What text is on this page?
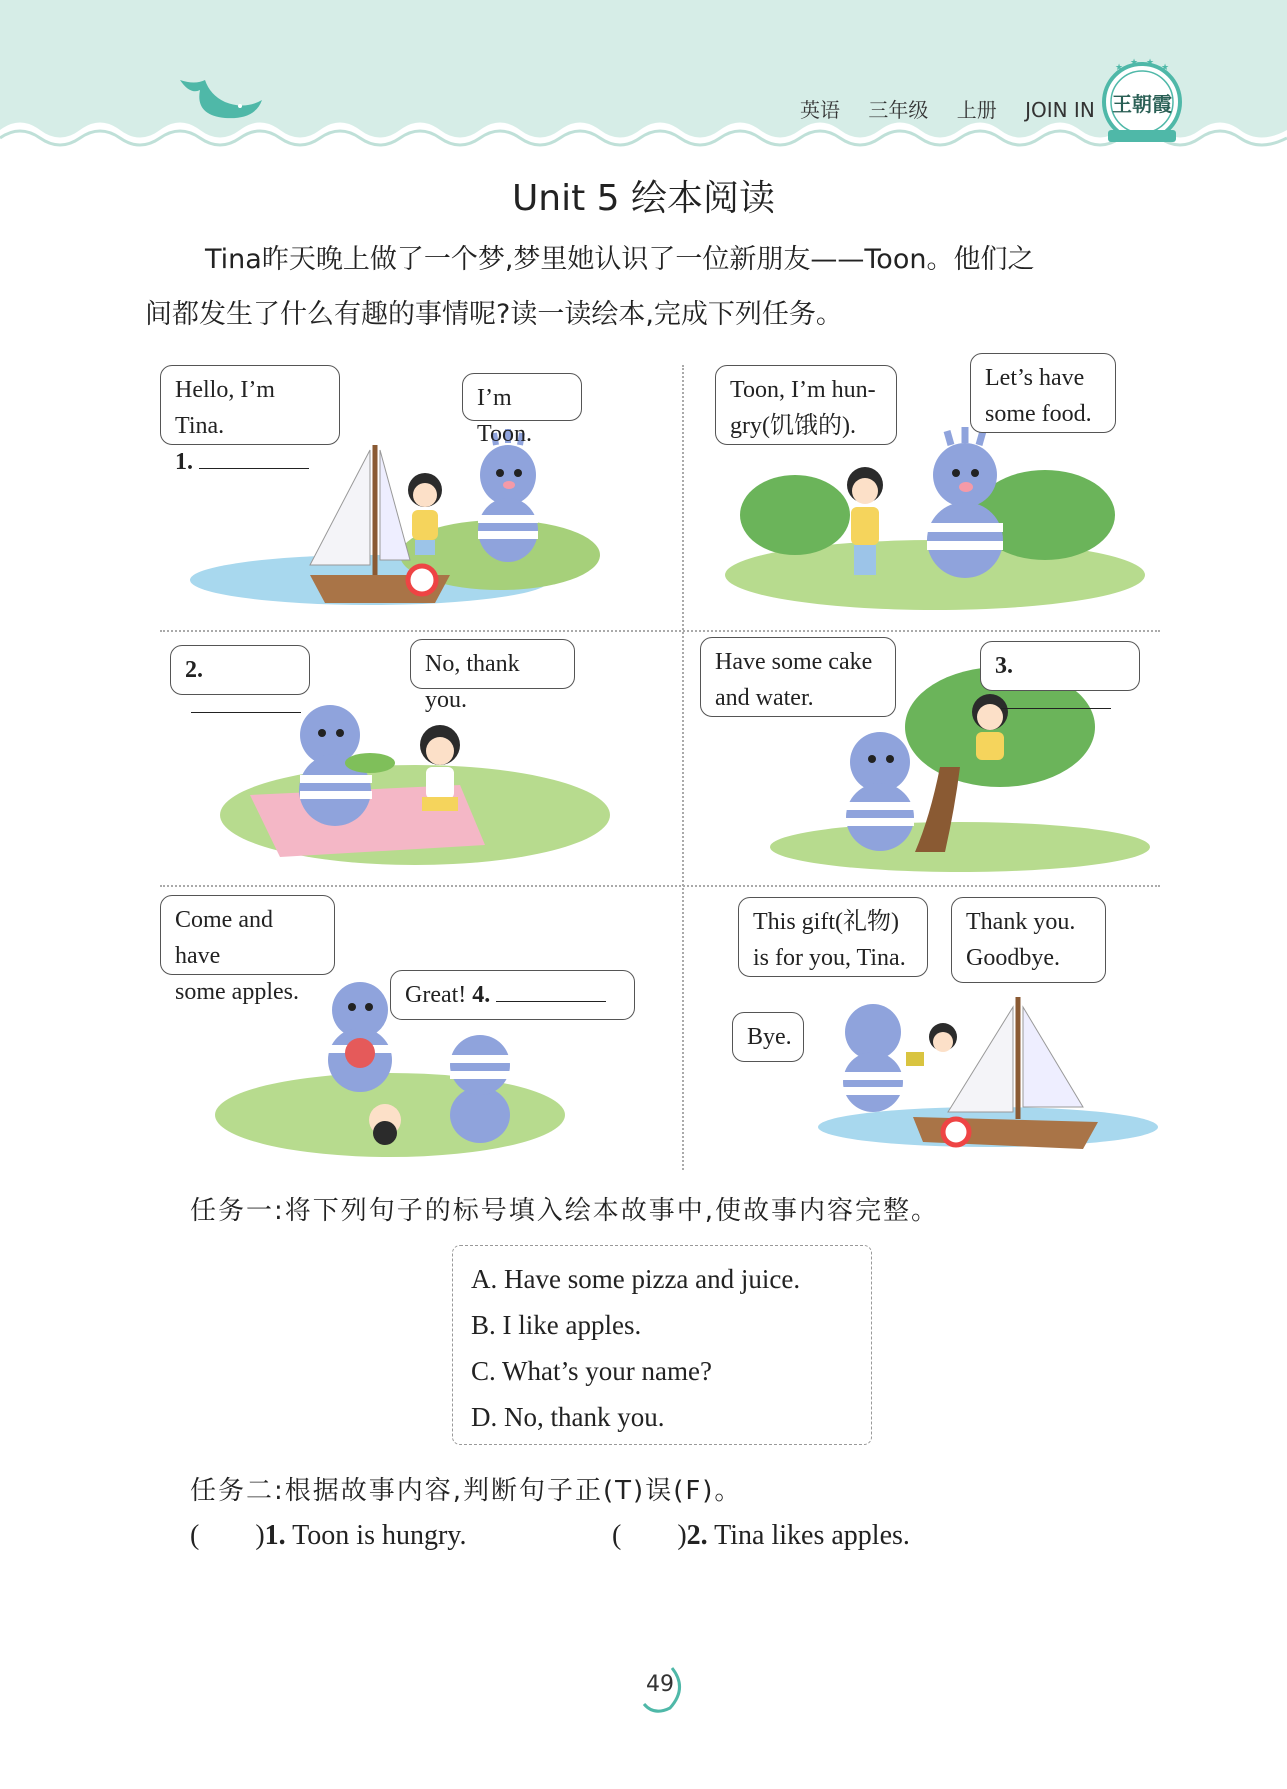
英语 三年级 上册 JOIN IN
★ ★ ★ ★
王朝霞
Unit 5 绘本阅读

Tina昨天晚上做了一个梦,梦里她认识了一位新朋友——Toon。他们之

间都发生了什么有趣的事情呢?读一读绘本,完成下列任务。
Hello, I’m Tina.
1.
I’m Toon.
Toon, I’m hun-
gry(饥饿的).
Let’s have
some food.
2.	No, thank you.
Have some cake
and water.
3.
Come and have
some apples.	Great! 4.
This gift(礼物)
is for you, Tina.
Thank you.
Goodbye.
Bye.
任务一:将下列句子的标号填入绘本故事中,使故事内容完整。
A. Have some pizza and juice.
B. I like apples.
C. What’s your name?
D. No, thank you.
任务二:根据故事内容,判断句子正(T)误(F)。
(        )1. Toon is hungry.	(        )2. Tina likes apples.
49
